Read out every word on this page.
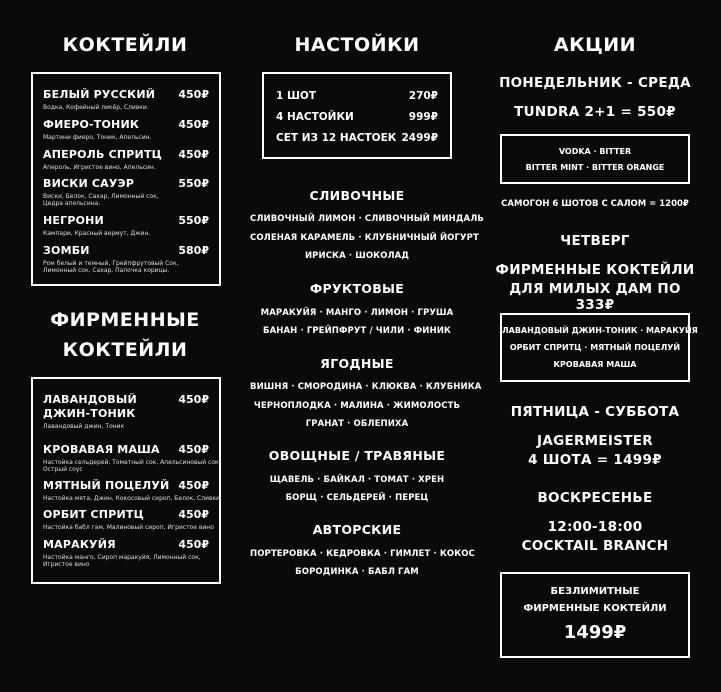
КОКТЕЙЛИ
БЕЛЫЙ РУССКИЙ 450₽
Водка, Кофейный ликёр, Сливки.
ФИЕРО-ТОНИК	450₽
Мартини фиеро, Тоник, Апельсин.
АПЕРОЛЬ СПРИТЦ 450₽
Апероль, Игристое вино, Апельсин.
ВИСКИ САУЭР	550₽
Виски, Белок, Сахар, Лимонный сок,
Цедра апельсина.
НЕГРОНИ	550₽
Кампари, Красный вермут, Джин.
ЗОМБИ	580₽
Ром белый и темный, Грейпфрутовый Сок,
Лимонный сок, Сахар, Палочка корицы.
ФИРМЕННЫЕ
КОКТЕЙЛИ
ЛАВАНДОВЫЙ	450₽
ДЖИН-ТОНИК
Лавандовый джин, Тоник
КРОВАВАЯ МАША 450₽
Настойка сельдерей, Томатный сок, Апельсиновый сок,
Острый соус
МЯТНЫЙ ПОЦЕЛУЙ 450₽
Настойка мята, Джин, Кокосовый сироп, Белок, Сливки
ОРБИТ СПРИТЦ	450₽
Настойка бабл гам, Малиновый сироп, Игристое вино
МАРАКУЙЯ	450₽
Настойка манго, Сироп маракуйя, Лимонный сок,
Игристое вино
НАСТОЙКИ
1 ШОТ	270₽
4 НАСТОЙКИ	999₽
СЕТ ИЗ 12 НАСТОЕК 2499₽
СЛИВОЧНЫЕ
СЛИВОЧНЫЙ ЛИМОН · СЛИВОЧНЫЙ МИНДАЛЬ
СОЛЕНАЯ КАРАМЕЛЬ · КЛУБНИЧНЫЙ ЙОГУРТ
ИРИСКА · ШОКОЛАД
ФРУКТОВЫЕ
МАРАКУЙЯ · МАНГО · ЛИМОН · ГРУША
БАНАН · ГРЕЙПФРУТ / ЧИЛИ · ФИНИК
ЯГОДНЫЕ
ВИШНЯ · СМОРОДИНА · КЛЮКВА · КЛУБНИКА
ЧЕРНОПЛОДКА · МАЛИНА · ЖИМОЛОСТЬ
ГРАНАТ · ОБЛЕПИХА
ОВОЩНЫЕ / ТРАВЯНЫЕ
ЩАВЕЛЬ · БАЙКАЛ · ТОМАТ · ХРЕН
БОРЩ · СЕЛЬДЕРЕЙ · ПЕРЕЦ
АВТОРСКИЕ
ПОРТЕРОВКА · КЕДРОВКА · ГИМЛЕТ · КОКОС
БОРОДИНКА · БАБЛ ГАМ
АКЦИИ
ПОНЕДЕЛЬНИК - СРЕДА
TUNDRA 2+1 = 550₽
VODKA · BITTER
BITTER MINT · BITTER ORANGE
САМОГОН 6 ШОТОВ С САЛОМ = 1200₽
ЧЕТВЕРГ
ФИРМЕННЫЕ КОКТЕЙЛИ
ДЛЯ МИЛЫХ ДАМ ПО 333₽
ЛАВАНДОВЫЙ ДЖИН-ТОНИК · МАРАКУЙЯ
ОРБИТ СПРИТЦ · МЯТНЫЙ ПОЦЕЛУЙ
КРОВАВАЯ МАША
ПЯТНИЦА - СУББОТА
JAGERMEISTER
4 ШОТА = 1499₽
ВОСКРЕСЕНЬЕ
12:00-18:00
COCKTAIL BRANCH
БЕЗЛИМИТНЫЕ
ФИРМЕННЫЕ КОКТЕЙЛИ
1499₽
